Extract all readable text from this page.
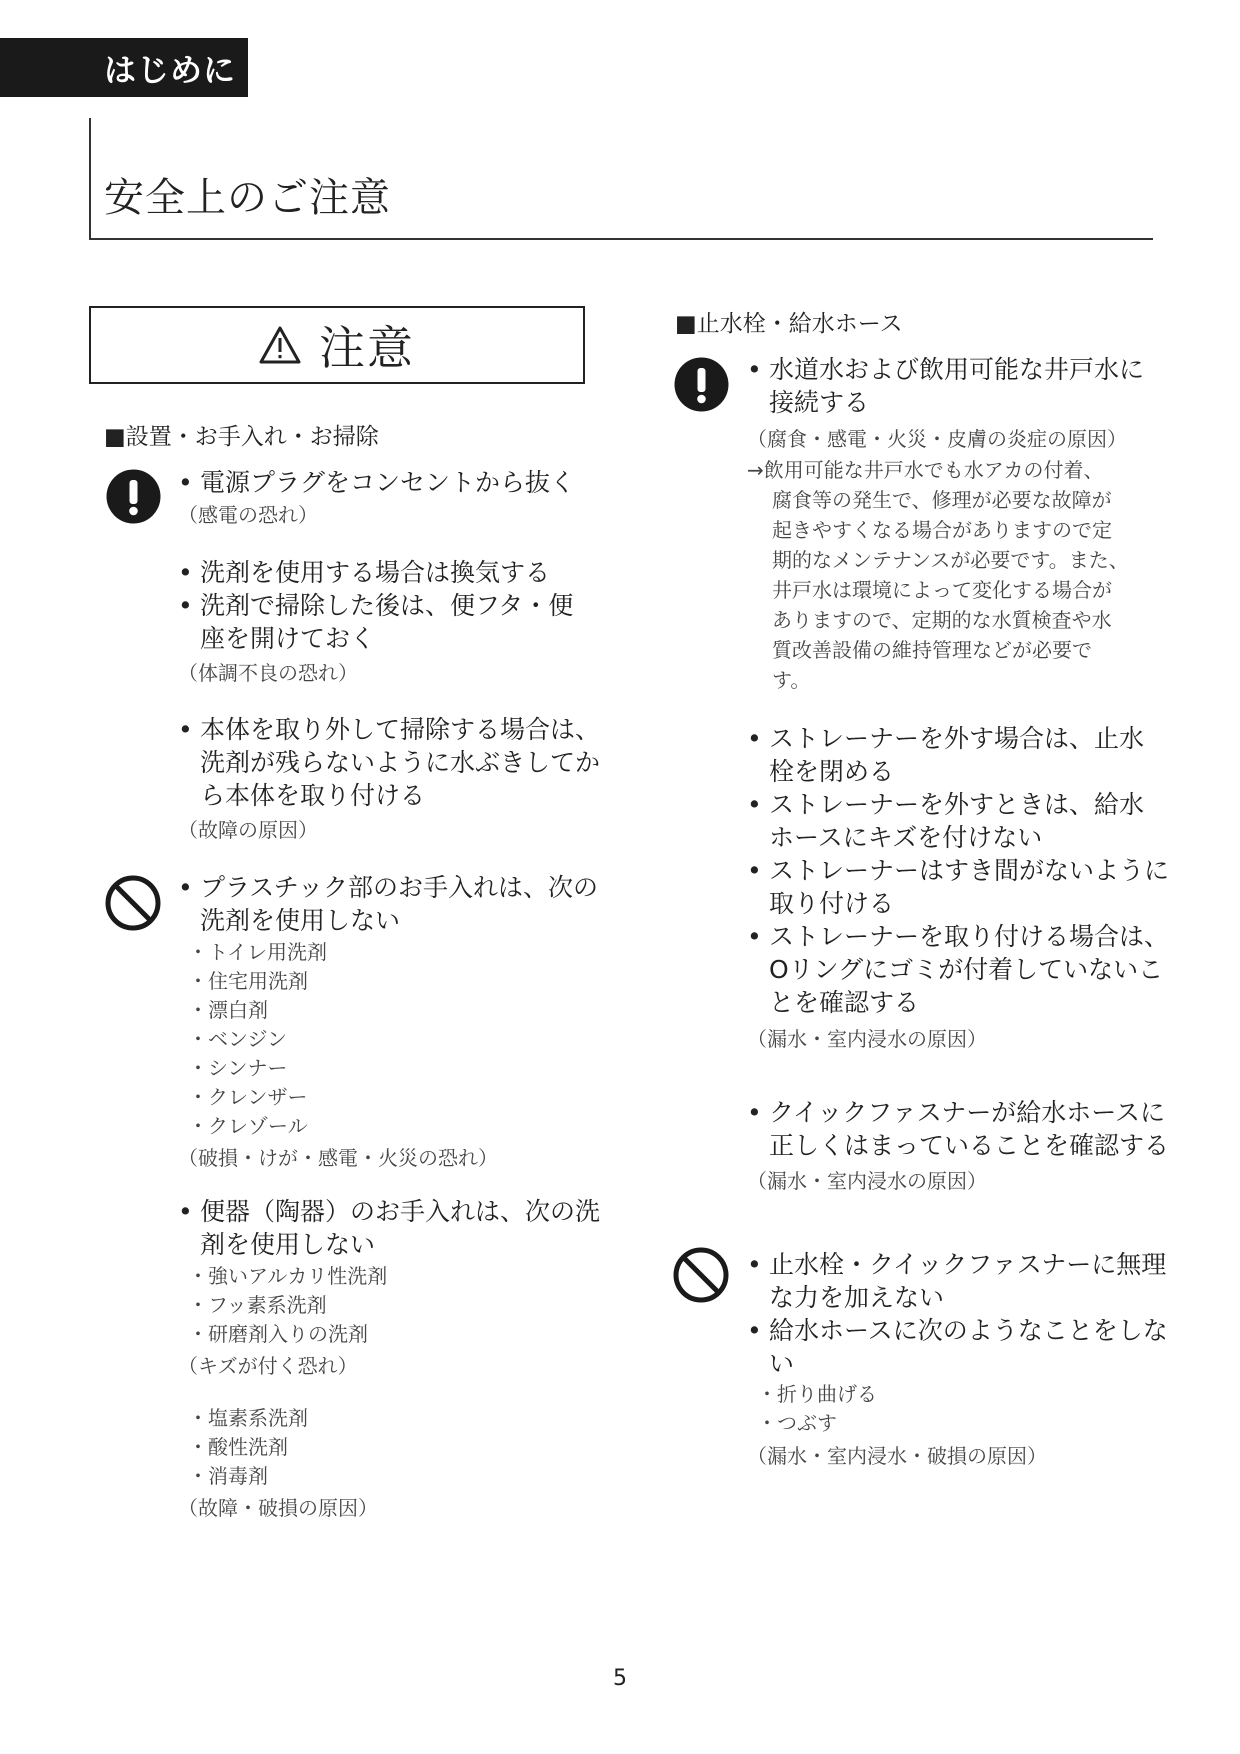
はじめに
安全上のご注意
注意
■設置・お手入れ・お掃除
• 電源プラグをコンセントから抜く
（感電の恐れ）
• 洗剤を使用する場合は換気する
• 洗剤で掃除した後は、便フタ・便
座を開けておく
（体調不良の恐れ）
• 本体を取り外して掃除する場合は、
洗剤が残らないように水ぶきしてか
ら本体を取り付ける
（故障の原因）
• プラスチック部のお手入れは、次の
洗剤を使用しない
・トイレ用洗剤
・住宅用洗剤
・漂白剤
・ベンジン
・シンナー
・クレンザー
・クレゾール
（破損・けが・感電・火災の恐れ）
• 便器（陶器）のお手入れは、次の洗
剤を使用しない
・強いアルカリ性洗剤
・フッ素系洗剤
・研磨剤入りの洗剤
（キズが付く恐れ）
・塩素系洗剤
・酸性洗剤
・消毒剤
（故障・破損の原因）
■止水栓・給水ホース
• 水道水および飲用可能な井戸水に
接続する
（腐食・感電・火災・皮膚の炎症の原因）
→飲用可能な井戸水でも水アカの付着、
腐食等の発生で、修理が必要な故障が
起きやすくなる場合がありますので定
期的なメンテナンスが必要です。また、
井戸水は環境によって変化する場合が
ありますので、定期的な水質検査や水
質改善設備の維持管理などが必要で
す。
• ストレーナーを外す場合は、止水
栓を閉める
• ストレーナーを外すときは、給水
ホースにキズを付けない
• ストレーナーはすき間がないように
取り付ける
• ストレーナーを取り付ける場合は、
Oリングにゴミが付着していないこ
とを確認する
（漏水・室内浸水の原因）
• クイックファスナーが給水ホースに
正しくはまっていることを確認する
（漏水・室内浸水の原因）
• 止水栓・クイックファスナーに無理
な力を加えない
• 給水ホースに次のようなことをしな
い
・折り曲げる
・つぶす
（漏水・室内浸水・破損の原因）
5
